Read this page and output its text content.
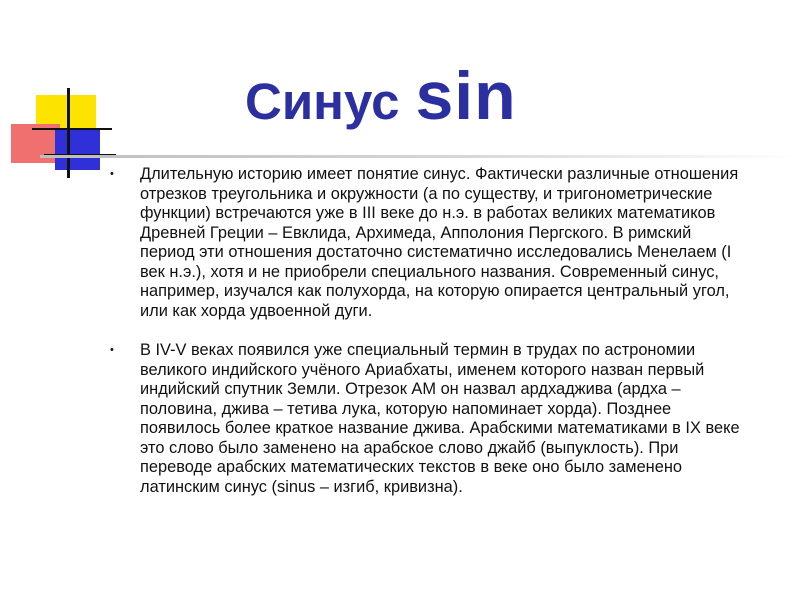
Синус sin

• Длительную историю имеет понятие синус. Фактически различные отношения отрезков треугольника и окружности (а по существу, и тригонометрические функции) встречаются уже в III веке до н.э. в работах великих математиков Древней Греции – Евклида, Архимеда, Апполония Пергского. В римский период эти отношения достаточно систематично исследовались Менелаем (I век н.э.), хотя и не приобрели специального названия. Современный синус, например, изучался как полухорда, на которую опирается центральный угол, или как хорда удвоенной дуги.

• В IV-V веках появился уже специальный термин в трудах по астрономии великого индийского учёного Ариабхаты, именем которого назван первый индийский спутник Земли. Отрезок АМ он назвал ардхаджива (ардха – половина, джива – тетива лука, которую напоминает хорда). Позднее появилось более краткое название джива. Арабскими математиками в IX веке это слово было заменено на арабское слово джайб (выпуклость). При переводе арабских математических текстов в веке оно было заменено латинским синус (sinus – изгиб, кривизна).
